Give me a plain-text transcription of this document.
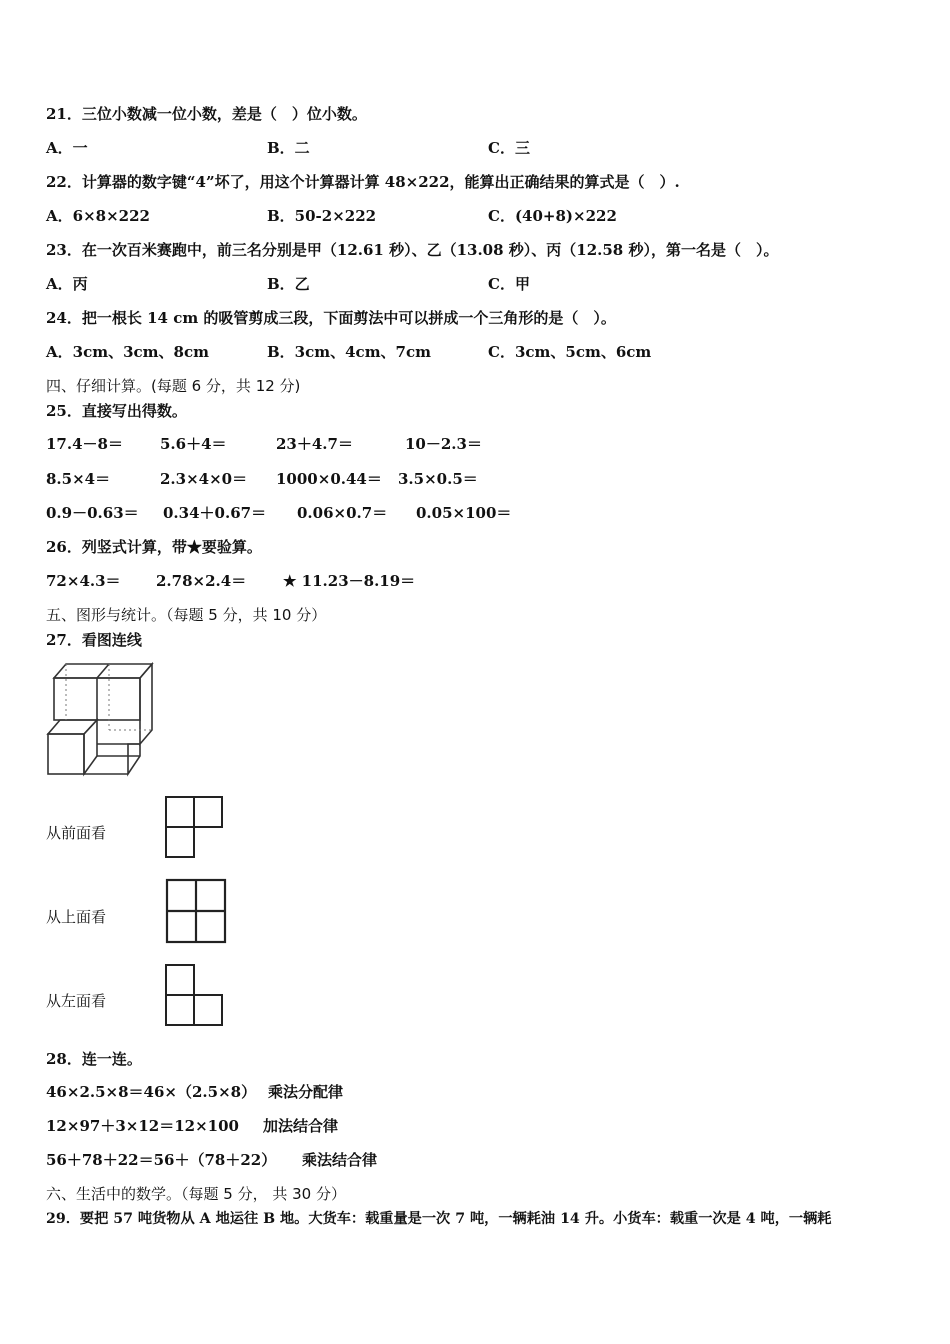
21．三位小数减一位小数，差是（　）位小数。
A．一	B．二	C．三
22．计算器的数字键“4”坏了，用这个计算器计算 48×222，能算出正确结果的算式是（　）.
A．6×8×222	B．50-2×222	C．(40+8)×222
23．在一次百米赛跑中，前三名分别是甲（12.61 秒）、乙（13.08 秒）、丙（12.58 秒），第一名是（　）。
A．丙	B．乙	C．甲
24．把一根长 14 cm 的吸管剪成三段，下面剪法中可以拼成一个三角形的是（　）。
A．3cm、3cm、8cm	B．3cm、4cm、7cm	C．3cm、5cm、6cm
四、仔细计算。(每题 6 分，共 12 分)
25．直接写出得数。
17.4－8＝ 5.6＋4＝	23＋4.7＝	10－2.3＝
8.5×4＝	2.3×4×0＝ 1000×0.44＝ 3.5×0.5＝
0.9－0.63＝ 0.34＋0.67＝ 0.06×0.7＝ 0.05×100＝
26．列竖式计算，带★要验算。
72×4.3＝ 2.78×2.4＝ ★ 11.23－8.19＝
五、图形与统计。（每题 5 分，共 10 分）
27．看图连线
从前面看
从上面看
从左面看
28．连一连。
46×2.5×8＝46×（2.5×8） 乘法分配律
12×97＋3×12＝12×100 加法结合律
56＋78＋22＝56＋（78＋22） 乘法结合律
六、生活中的数学。（每题 5 分， 共 30 分）
29．要把 57 吨货物从 A 地运往 B 地。大货车：载重量是一次 7 吨，一辆耗油 14 升。小货车：载重一次是 4 吨，一辆耗
